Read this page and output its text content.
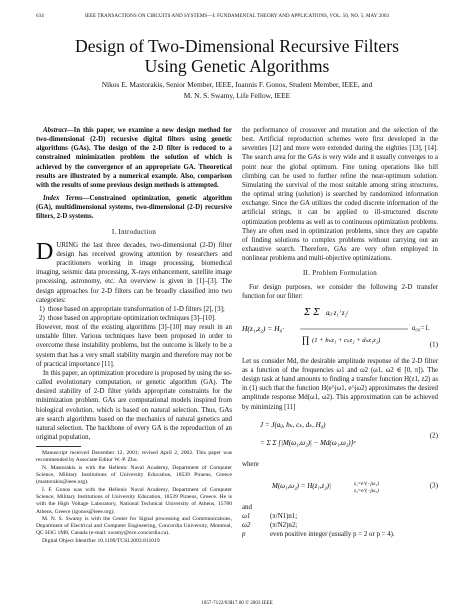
634	IEEE TRANSACTIONS ON CIRCUITS AND SYSTEMS—I: FUNDAMENTAL THEORY AND APPLICATIONS, VOL. 50, NO. 5, MAY 2003
Design of Two-Dimensional Recursive Filters
Using Genetic Algorithms
Nikos E. Mastorakis, Senior Member, IEEE, Ioannis F. Gonos, Student Member, IEEE, and
M. N. S. Swamy, Life Fellow, IEEE

Abstract—In this paper, we examine a new design method for two-dimensional (2-D) recursive digital filters using genetic algorithms (GAs). The design of the 2-D filter is reduced to a constrained minimization problem the solution of which is achieved by the convergence of an appropriate GA. Theoretical results are illustrated by a numerical example. Also, comparison with the results of some previous design methods is attempted.

Index Terms—Constrained optimization, genetic algorithm (GA), multidimensional systems, two-dimensional (2-D) recursive filters, 2-D systems.

I. Introduction

DURING the last three decades, two-dimensional (2-D) filter design has received growing attention by researchers and practitioners working in image processing, biomedical imaging, seismic data processing, X-rays enhancement, satellite image processing, astronomy, etc. An overview is given in [1]–[3]. The design approaches for 2-D filters can be broadly classified into two categories:

1) those based on appropriate transformation of 1-D filters [2], [3];

2) those based on appropriate optimization techniques [3]–[10].

However, most of the existing algorithms [3]–[10] may result in an unstable filter. Various techniques have been proposed in order to overcome these instability problems, but the outcome is likely to be a system that has a very small stability margin and therefore may not be of practical importance [11].

In this paper, an optimization procedure is proposed by using the so-called evolutionary computation, or genetic algorithm (GA). The desired stability of 2-D filter yields appropriate constraints for the minimization problem. GAs are computational models inspired from biological evolution, which is based on natural selection. Thus, GAs are search algorithms based on the mechanics of natural genetics and natural selection. The backbone of every GA is the reproduction of an original population,

Manuscript received December 12, 2001; revised April 2, 2002. This paper was recommended by Associate Editor W.-P. Zhu.

N. Mastorakis is with the Hellenic Naval Academy, Department of Computer Science, Military Institutions of University Education, 18539 Piraeus, Greece (mastorakis@ieee.org).

I. F. Gonos was with the Hellenic Naval Academy, Department of Computer Science, Military Institutions of University Education, 18539 Piraeus, Greece. He is with the High Voltage Laboratory, National Technical University of Athens, 15780 Athens, Greece (igonos@ieee.org).

M. N. S. Swamy is with the Center for Signal processing and Communications, Department of Electrical and Computer Engineering, Concordia University, Montreal, QC H3G 1M8, Canada (e-mail: swamy@ece.concordia.ca).

Digital Object Identifier 10.1109/TCSI.2003.811019

the performance of crossover and mutation and the selection of the best. Artificial reproduction schemes were first developed in the seventies [12] and more were extended during the eighties [13], [14]. The search area for the GAs is very wide and it usually converges to a point near the global optimum. Fine tuning operations like hill climbing can be used to further refine the near-optimum solution. Simulating the survival of the most suitable among string structures, the optimal string (solution) is searched by randomized information exchange. Since the GA utilizes the coded discrete information of the artificial strings, it can be applied to ill-structured discrete optimization problems as well as to continuous optimization problems. They are often used in optimization problems, since they are capable of finding solutions to complex problems without carrying out an exhaustive search. Therefore, GAs are very often employed in nonlinear problems and multi-objective optimizations.

II. Problem Formulation

For design purposes, we consider the following 2-D transfer function for our filter:

H(z₁,z₂) = H₀·
Σ Σ aᵢⱼ z₁ⁱ z₂ʲ
∏ (1 + bₖz₁ + cₖz₂ + dₖz₁z₂)
a₀₀=1.
(1)

Let us consider Md, the desirable amplitude response of the 2-D filter as a function of the frequencies ω1 and ω2 (ω1, ω2 ∈ [0, π]). The design task at hand amounts to finding a transfer function H(z1, z2) as in (1) such that the function H(e^jω1, e^jω2) approximates the desired amplitude response Md(ω1, ω2). This approximation can be achieved by minimizing [11]

J = J(aᵢⱼ, bₖ, cₖ, dₖ, H₀)
= Σ Σ [|M(ω₁,ω₂)| − Md(ω₁,ω₂)]ᵖ
(2)

where

M(ω₁,ω₂) = H(z₁,z₂)|	z₁=e^(−jω₁)
z₂=e^(−jω₂)
(3)

and

ω1	(π/N1)n1;
ω2	(π/N2)n2;
p	even positive integer (usually p = 2 or p = 4).
1057-7122/03$17.00 © 2003 IEEE
